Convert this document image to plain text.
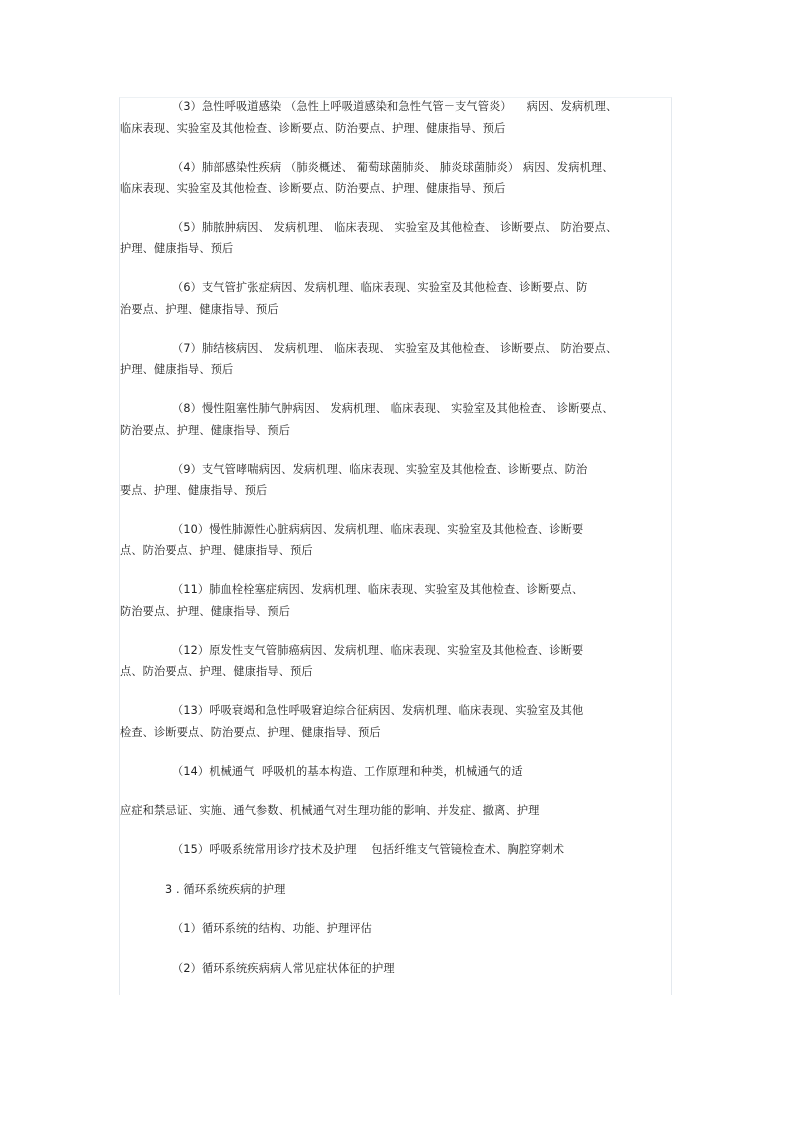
（3）急性呼吸道感染 （急性上呼吸道感染和急性气管－支气管炎）    病因、发病机理、
临床表现、实验室及其他检查、诊断要点、防治要点、护理、健康指导、预后
（4）肺部感染性疾病 （肺炎概述、 葡萄球菌肺炎、 肺炎球菌肺炎） 病因、发病机理、
临床表现、实验室及其他检查、诊断要点、防治要点、护理、健康指导、预后
（5）肺脓肿病因、 发病机理、 临床表现、 实验室及其他检查、 诊断要点、 防治要点、
护理、健康指导、预后
（6）支气管扩张症病因、发病机理、临床表现、实验室及其他检查、诊断要点、防
治要点、护理、健康指导、预后
（7）肺结核病因、 发病机理、 临床表现、 实验室及其他检查、 诊断要点、 防治要点、
护理、健康指导、预后
（8）慢性阻塞性肺气肿病因、 发病机理、 临床表现、 实验室及其他检查、 诊断要点、
防治要点、护理、健康指导、预后
（9）支气管哮喘病因、发病机理、临床表现、实验室及其他检查、诊断要点、防治
要点、护理、健康指导、预后
（10）慢性肺源性心脏病病因、发病机理、临床表现、实验室及其他检查、诊断要
点、防治要点、护理、健康指导、预后
（11）肺血栓栓塞症病因、发病机理、临床表现、实验室及其他检查、诊断要点、
防治要点、护理、健康指导、预后
（12）原发性支气管肺癌病因、发病机理、临床表现、实验室及其他检查、诊断要
点、防治要点、护理、健康指导、预后
（13）呼吸衰竭和急性呼吸窘迫综合征病因、发病机理、临床表现、实验室及其他
检查、诊断要点、防治要点、护理、健康指导、预后
（14）机械通气  呼吸机的基本构造、工作原理和种类，机械通气的适
应症和禁忌证、实施、通气参数、机械通气对生理功能的影响、并发症、撤离、护理
（15）呼吸系统常用诊疗技术及护理    包括纤维支气管镜检查术、胸腔穿刺术
3 . 循环系统疾病的护理
（1）循环系统的结构、功能、护理评估
（2）循环系统疾病病人常见症状体征的护理
